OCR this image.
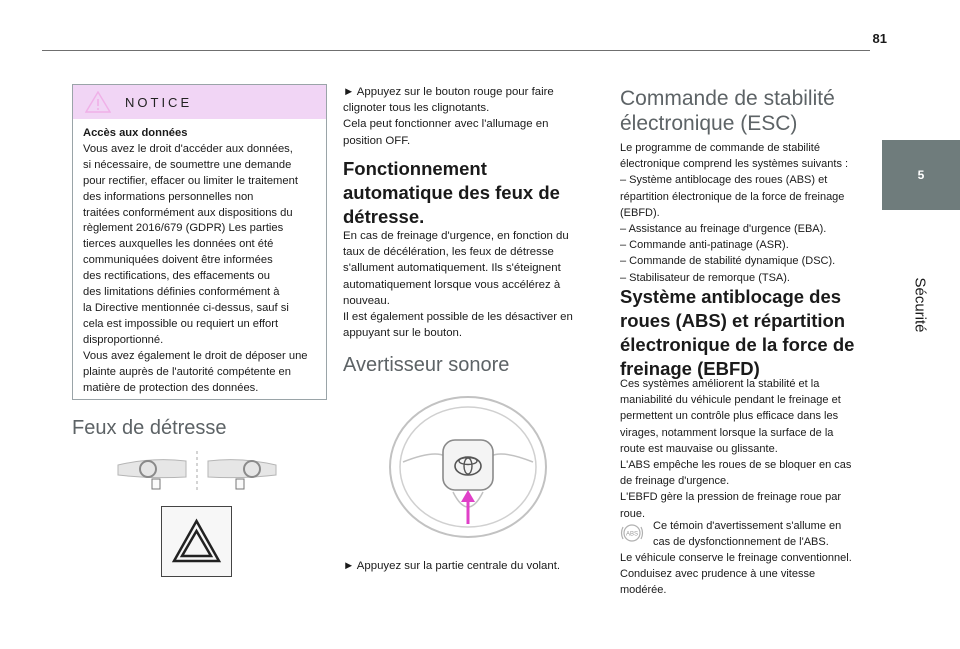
81
5
Sécurité
NOTICE

Accès aux données

Vous avez le droit d'accéder aux données,

si nécessaire, de soumettre une demande

pour rectifier, effacer ou limiter le traitement

des informations personnelles non

traitées conformément aux dispositions du

règlement 2016/679 (GDPR) Les parties

tierces auxquelles les données ont été

communiquées doivent être informées

des rectifications, des effacements ou

des limitations définies conformément à

la Directive mentionnée ci-dessus, sauf si

cela est impossible ou requiert un effort

disproportionné.

Vous avez également le droit de déposer une

plainte auprès de l'autorité compétente en

matière de protection des données.

Feux de détresse

► Appuyez sur le bouton rouge pour faire

clignoter tous les clignotants.

Cela peut fonctionner avec l'allumage en

position OFF.

Fonctionnement
automatique des feux de
détresse.

En cas de freinage d'urgence, en fonction du

taux de décélération, les feux de détresse

s'allument automatiquement. Ils s'éteignent

automatiquement lorsque vous accélérez à

nouveau.

Il est également possible de les désactiver en

appuyant sur le bouton.

Avertisseur sonore

► Appuyez sur la partie centrale du volant.

Commande de stabilité
électronique (ESC)

Le programme de commande de stabilité

électronique comprend les systèmes suivants :

– Système antiblocage des roues (ABS) et

répartition électronique de la force de freinage

(EBFD).

– Assistance au freinage d'urgence (EBA).

– Commande anti-patinage (ASR).

– Commande de stabilité dynamique (DSC).

– Stabilisateur de remorque (TSA).

Système antiblocage des
roues (ABS) et répartition
électronique de la force de
freinage (EBFD)

Ces systèmes améliorent la stabilité et la

maniabilité du véhicule pendant le freinage et

permettent un contrôle plus efficace dans les

virages, notamment lorsque la surface de la

route est mauvaise ou glissante.

L'ABS empêche les roues de se bloquer en cas

de freinage d'urgence.

L'EBFD gère la pression de freinage roue par

roue.

ABS

Ce témoin d'avertissement s'allume en

cas de dysfonctionnement de l'ABS.

Le véhicule conserve le freinage conventionnel.

Conduisez avec prudence à une vitesse

modérée.
